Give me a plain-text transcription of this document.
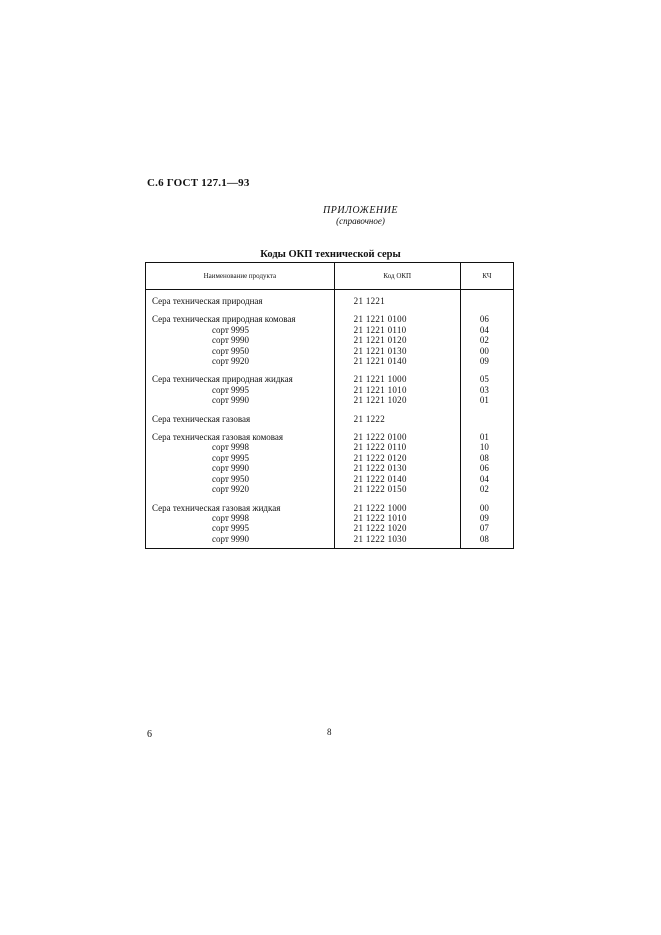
С.6 ГОСТ 127.1—93
ПРИЛОЖЕНИЕ
(справочное)
Коды ОКП технической серы
Наименование продукта	Код ОКП	КЧ
Сера техническая природная	21 1221	

Сера техническая природная комовая	21 1221 0100	06
сорт 9995	21 1221 0110	04
сорт 9990	21 1221 0120	02
сорт 9950	21 1221 0130	00
сорт 9920	21 1221 0140	09

Сера техническая природная жидкая	21 1221 1000	05
сорт 9995	21 1221 1010	03
сорт 9990	21 1221 1020	01

Сера техническая газовая	21 1222	

Сера техническая газовая комовая	21 1222 0100	01
сорт 9998	21 1222 0110	10
сорт 9995	21 1222 0120	08
сорт 9990	21 1222 0130	06
сорт 9950	21 1222 0140	04
сорт 9920	21 1222 0150	02

Сера техническая газовая жидкая	21 1222 1000	00
сорт 9998	21 1222 1010	09
сорт 9995	21 1222 1020	07
сорт 9990	21 1222 1030	08
6	8
